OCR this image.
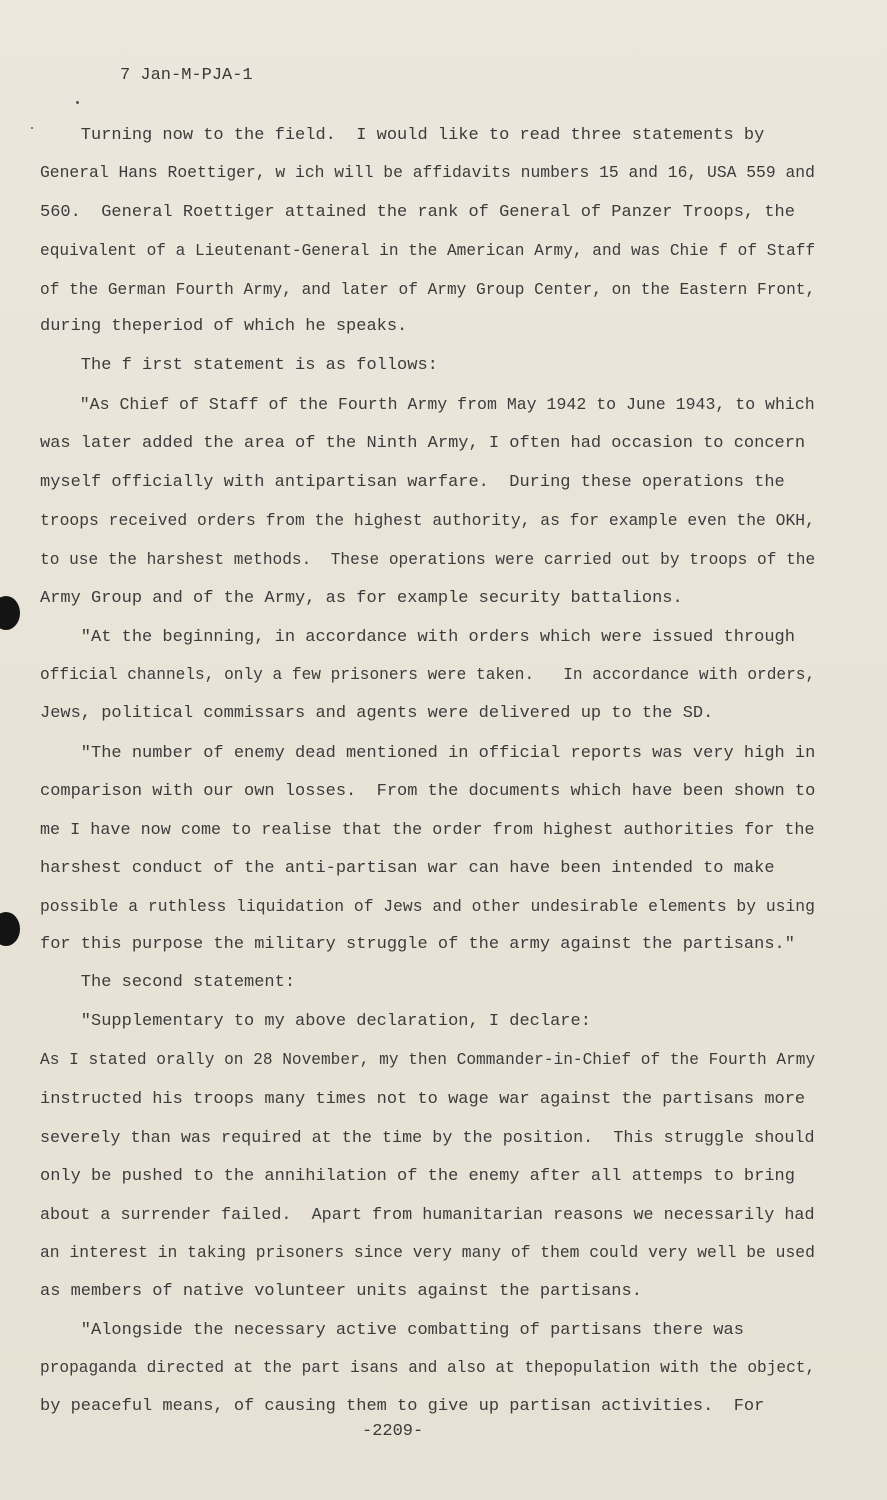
7 Jan-M-PJA-1
Turning now to the field.  I would like to read three statements by
General Hans Roettiger, w ich will be affidavits numbers 15 and 16, USA 559 and
560.  General Roettiger attained the rank of General of Panzer Troops, the
equivalent of a Lieutenant-General in the American Army, and was Chie f of Staff
of the German Fourth Army, and later of Army Group Center, on the Eastern Front,
during theperiod of which he speaks.
The f irst statement is as follows:
"As Chief of Staff of the Fourth Army from May 1942 to June 1943, to which
was later added the area of the Ninth Army, I often had occasion to concern
myself officially with antipartisan warfare.  During these operations the
troops received orders from the highest authority, as for example even the OKH,
to use the harshest methods.  These operations were carried out by troops of the
Army Group and of the Army, as for example security battalions.
"At the beginning, in accordance with orders which were issued through
official channels, only a few prisoners were taken.   In accordance with orders,
Jews, political commissars and agents were delivered up to the SD.
"The number of enemy dead mentioned in official reports was very high in
comparison with our own losses.  From the documents which have been shown to
me I have now come to realise that the order from highest authorities for the
harshest conduct of the anti-partisan war can have been intended to make
possible a ruthless liquidation of Jews and other undesirable elements by using
for this purpose the military struggle of the army against the partisans."
The second statement:
"Supplementary to my above declaration, I declare:
As I stated orally on 28 November, my then Commander-in-Chief of the Fourth Army
instructed his troops many times not to wage war against the partisans more
severely than was required at the time by the position.  This struggle should
only be pushed to the annihilation of the enemy after all attemps to bring
about a surrender failed.  Apart from humanitarian reasons we necessarily had
an interest in taking prisoners since very many of them could very well be used
as members of native volunteer units against the partisans.
"Alongside the necessary active combatting of partisans there was
propaganda directed at the part isans and also at thepopulation with the object,
by peaceful means, of causing them to give up partisan activities.  For
-2209-
